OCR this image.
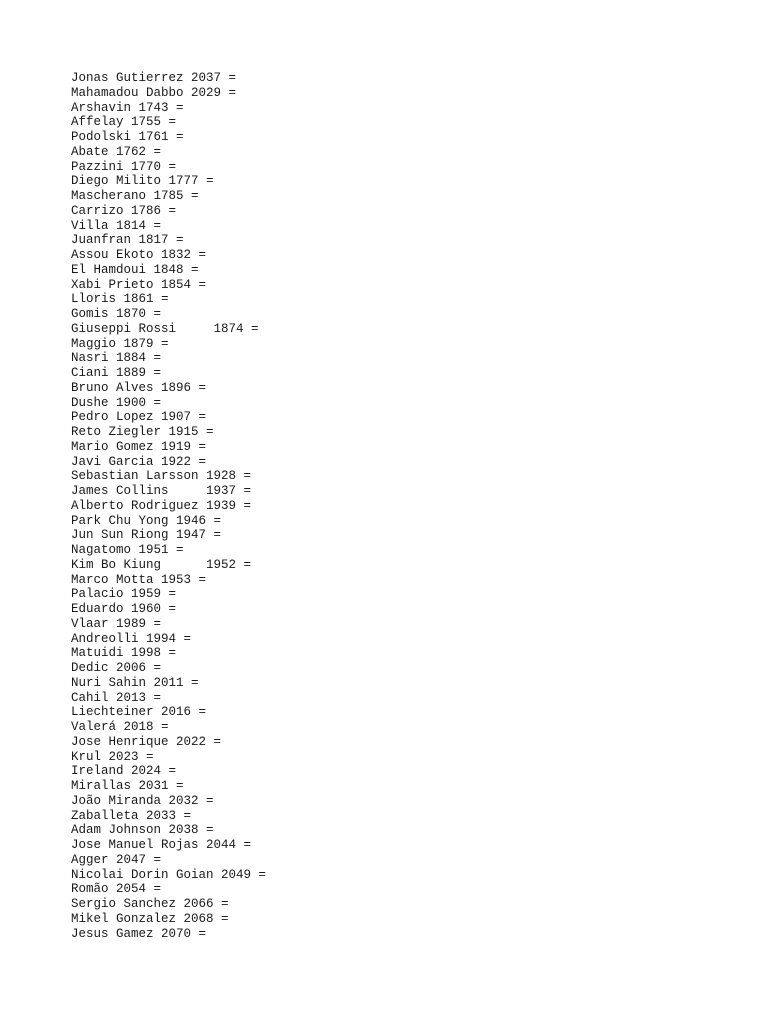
Jonas Gutierrez 2037 =
Mahamadou Dabbo 2029 =
Arshavin 1743 =
Affelay 1755 =
Podolski 1761 =
Abate 1762 =
Pazzini 1770 =
Diego Milito 1777 =
Mascherano 1785 =
Carrizo 1786 =
Villa 1814 =
Juanfran 1817 =
Assou Ekoto 1832 =
El Hamdoui 1848 =
Xabi Prieto 1854 =
Lloris 1861 =
Gomis 1870 =
Giuseppi Rossi     1874 =
Maggio 1879 =
Nasri 1884 =
Ciani 1889 =
Bruno Alves 1896 =
Dushe 1900 =
Pedro Lopez 1907 =
Reto Ziegler 1915 =
Mario Gomez 1919 =
Javi Garcia 1922 =
Sebastian Larsson 1928 =
James Collins     1937 =
Alberto Rodriguez 1939 =
Park Chu Yong 1946 =
Jun Sun Riong 1947 =
Nagatomo 1951 =
Kim Bo Kiung      1952 =
Marco Motta 1953 =
Palacio 1959 =
Eduardo 1960 =
Vlaar 1989 =
Andreolli 1994 =
Matuidi 1998 =
Dedic 2006 =
Nuri Sahin 2011 =
Cahil 2013 =
Liechteiner 2016 =
Valerá 2018 =
Jose Henrique 2022 =
Krul 2023 =
Ireland 2024 =
Mirallas 2031 =
João Miranda 2032 =
Zaballeta 2033 =
Adam Johnson 2038 =
Jose Manuel Rojas 2044 =
Agger 2047 =
Nicolai Dorin Goian 2049 =
Romão 2054 =
Sergio Sanchez 2066 =
Mikel Gonzalez 2068 =
Jesus Gamez 2070 =
